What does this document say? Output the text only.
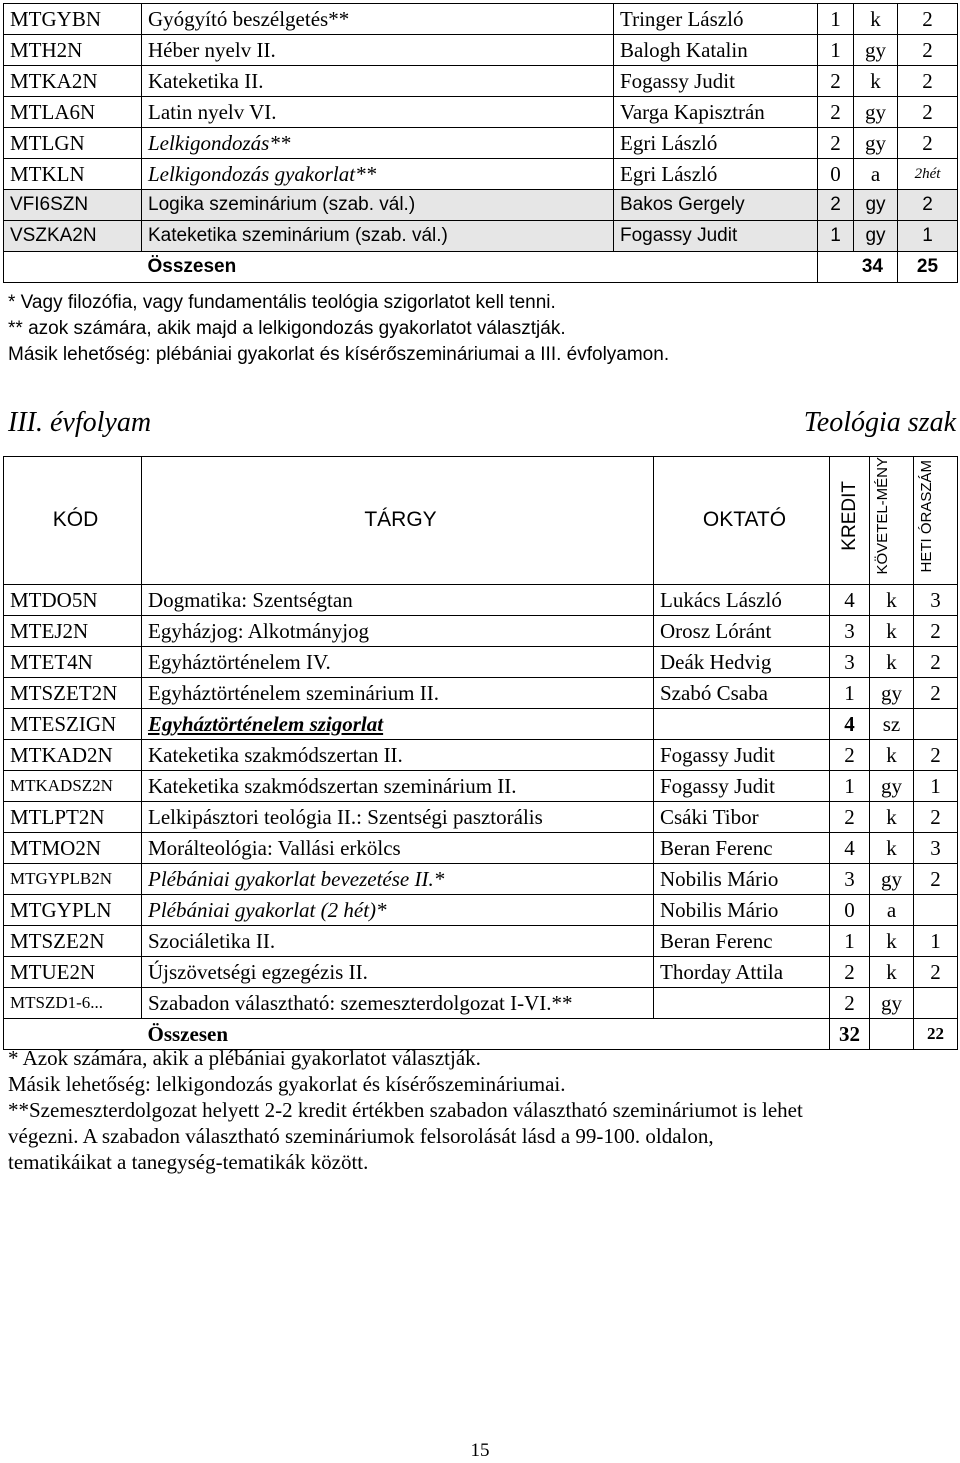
MTGYBN	Gyógyító beszélgetés**	Tringer László	1	k	2
MTH2N	Héber nyelv II.	Balogh Katalin	1	gy	2
MTKA2N	Kateketika II.	Fogassy Judit	2	k	2
MTLA6N	Latin nyelv VI.	Varga Kapisztrán	2	gy	2
MTLGN	Lelkigondozás**	Egri László	2	gy	2
MTKLN	Lelkigondozás gyakorlat**	Egri László	0	a	2hét
VFI6SZN	Logika szeminárium (szab. vál.)	Bakos Gergely	2	gy	2
VSZKA2N	Kateketika szeminárium (szab. vál.)	Fogassy Judit	1	gy	1
	Összesen		34		25
* Vagy filozófia, vagy fundamentális teológia szigorlatot kell tenni.
** azok számára, akik majd a lelkigondozás gyakorlatot választják.
Másik lehetőség: plébániai gyakorlat és kísérőszemináriumai a III. évfolyamon.
III. évfolyam	Teológia szak
KÓD	TÁRGY	OKTATÓ	KREDIT	KÖVETEL-MÉNY	HETI ÓRASZÁM
MTDO5N	Dogmatika: Szentségtan	Lukács László	4	k	3
MTEJ2N	Egyházjog: Alkotmányjog	Orosz Lóránt	3	k	2
MTET4N	Egyháztörténelem IV.	Deák Hedvig	3	k	2
MTSZET2N	Egyháztörténelem szeminárium II.	Szabó Csaba	1	gy	2
MTESZIGN	Egyháztörténelem szigorlat		4	sz	
MTKAD2N	Kateketika szakmódszertan II.	Fogassy Judit	2	k	2
MTKADSZ2N	Kateketika szakmódszertan szeminárium II.	Fogassy Judit	1	gy	1
MTLPT2N	Lelkipásztori teológia II.: Szentségi pasztorális	Csáki Tibor	2	k	2
MTMO2N	Morálteológia: Vallási erkölcs	Beran Ferenc	4	k	3
MTGYPLB2N	Plébániai gyakorlat bevezetése II.*	Nobilis Mário	3	gy	2
MTGYPLN	Plébániai gyakorlat (2 hét)*	Nobilis Mário	0	a	
MTSZE2N	Szociáletika II.	Beran Ferenc	1	k	1
MTUE2N	Újszövetségi egzegézis II.	Thorday Attila	2	k	2
MTSZD1-6...	Szabadon választható: szemeszterdolgozat I-VI.**		2	gy	
	Összesen		32		22
* Azok számára, akik a plébániai gyakorlatot választják.
Másik lehetőség: lelkigondozás gyakorlat és kísérőszemináriumai.
**Szemeszterdolgozat helyett 2-2 kredit értékben szabadon választható szemináriumot is lehet
végezni. A szabadon választható szemináriumok felsorolását lásd a 99-100. oldalon,
tematikáikat a tanegység-tematikák között.
15
